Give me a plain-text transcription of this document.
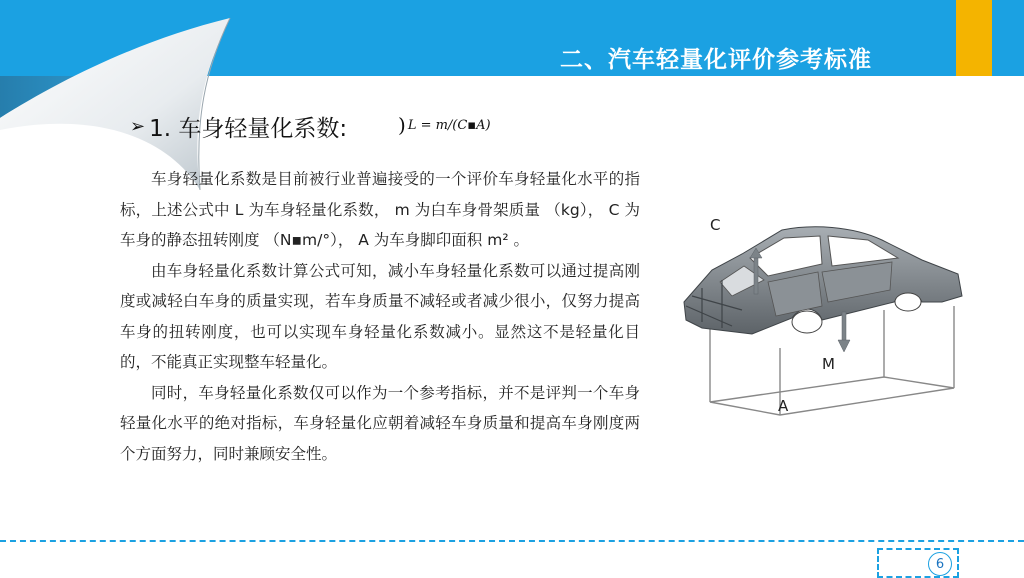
二、汽车轻量化评价参考标准
➢ 1. 车身轻量化系数:	) L = m/(C▪A)

车身轻量化系数是目前被行业普遍接受的一个评价车身轻量化水平的指标，上述公式中 L 为车身轻量化系数， m 为白车身骨架质量 （kg）， C 为车身的静态扭转刚度 （N▪m/°）， A 为车身脚印面积 m² 。

由车身轻量化系数计算公式可知，减小车身轻量化系数可以通过提高刚度或减轻白车身的质量实现，若车身质量不减轻或者减少很小，仅努力提高车身的扭转刚度，也可以实现车身轻量化系数减小。显然这不是轻量化目的，不能真正实现整车轻量化。

同时，车身轻量化系数仅可以作为一个参考指标，并不是评判一个车身轻量化水平的绝对指标，车身轻量化应朝着减轻车身质量和提高车身刚度两个方面努力，同时兼顾安全性。

C
M
A
6
